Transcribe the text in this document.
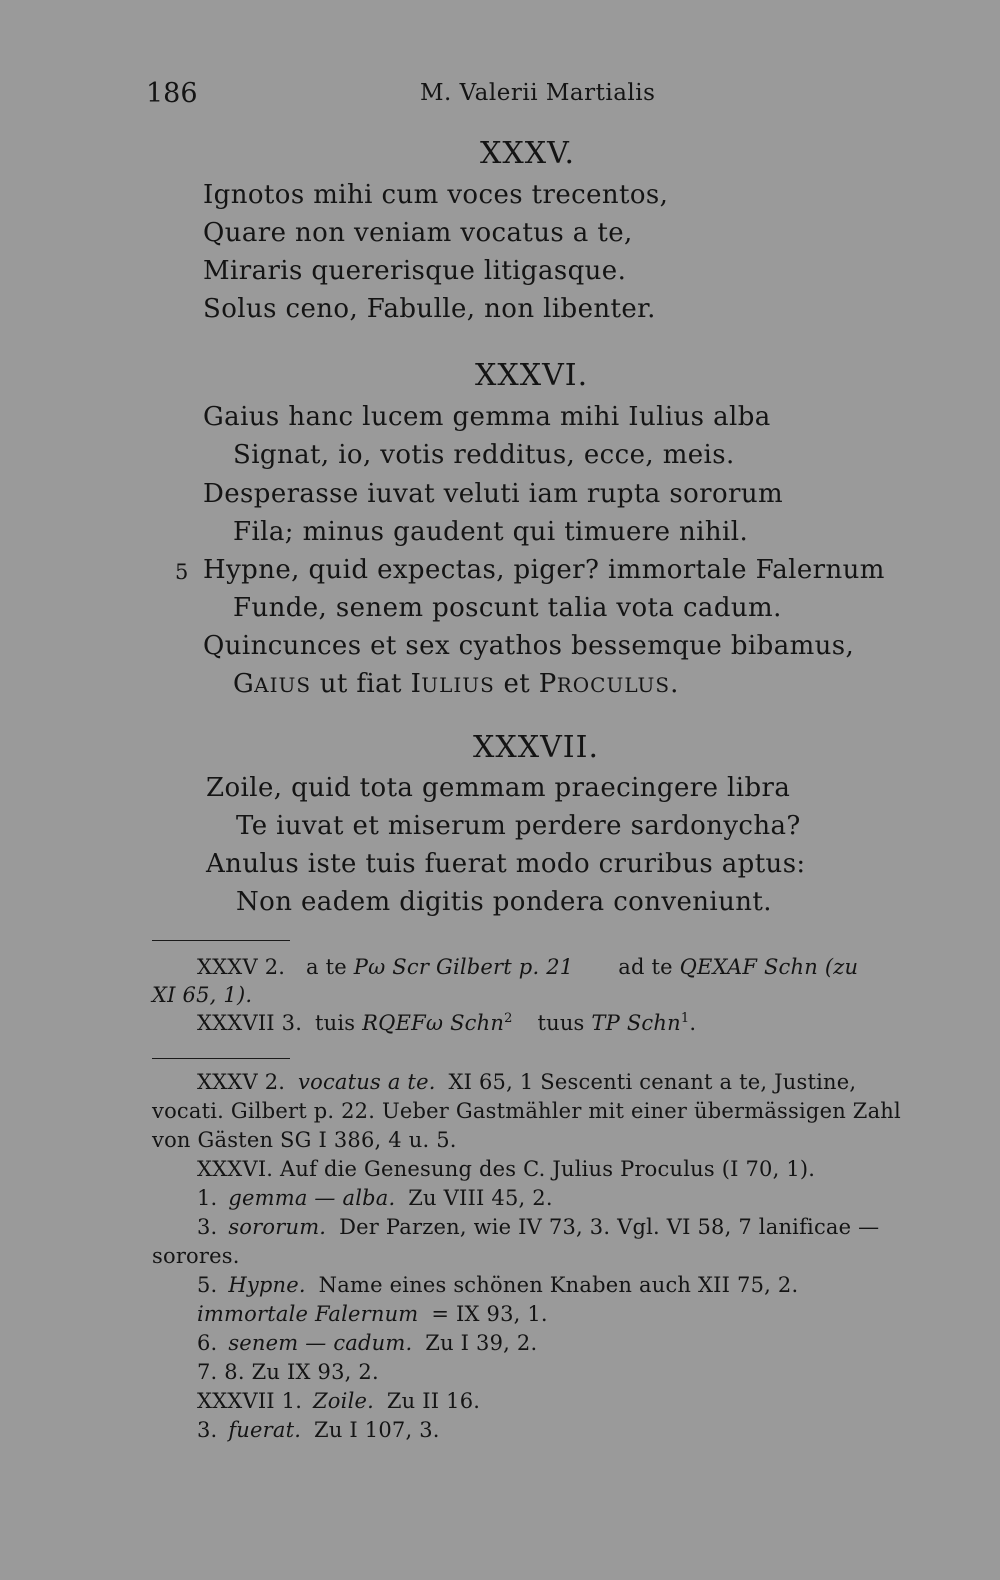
186	M. Valerii Martialis
XXXV.
Ignotos mihi cum voces trecentos,
Quare non veniam vocatus a te,
Miraris quererisque litigasque.
Solus ceno, Fabulle, non libenter.
XXXVI.
Gaius hanc lucem gemma mihi Iulius alba
Signat, io, votis redditus, ecce, meis.
Desperasse iuvat veluti iam rupta sororum
Fila; minus gaudent qui timuere nihil.
5 Hypne, quid expectas, piger? immortale Falernum
Funde, senem poscunt talia vota cadum.
Quincunces et sex cyathos bessemque bibamus,
GAIUS ut fiat IULIUS et PROCULUS.
XXXVII.
Zoile, quid tota gemmam praecingere libra
Te iuvat et miserum perdere sardonycha?
Anulus iste tuis fuerat modo cruribus aptus:
Non eadem digitis pondera conveniunt.
XXXV 2. a te Pω Scr Gilbert p. 21 ad te QEXAF Schn (zu
XI 65, 1).
XXXVII 3. tuis RQEFω Schn$^2$ tuus TP Schn$^1$.
XXXV 2. vocatus a te. XI 65, 1 Sescenti cenant a te, Justine,
vocati. Gilbert p. 22. Ueber Gastmähler mit einer übermässigen Zahl
von Gästen SG I 386, 4 u. 5.
XXXVI. Auf die Genesung des C. Julius Proculus (I 70, 1).
1. gemma — alba. Zu VIII 45, 2.
3. sororum. Der Parzen, wie IV 73, 3. Vgl. VI 58, 7 lanificae —
sorores.
5. Hypne. Name eines schönen Knaben auch XII 75, 2.
immortale Falernum = IX 93, 1.
6. senem — cadum. Zu I 39, 2.
7. 8. Zu IX 93, 2.
XXXVII 1. Zoile. Zu II 16.
3. fuerat. Zu I 107, 3.
